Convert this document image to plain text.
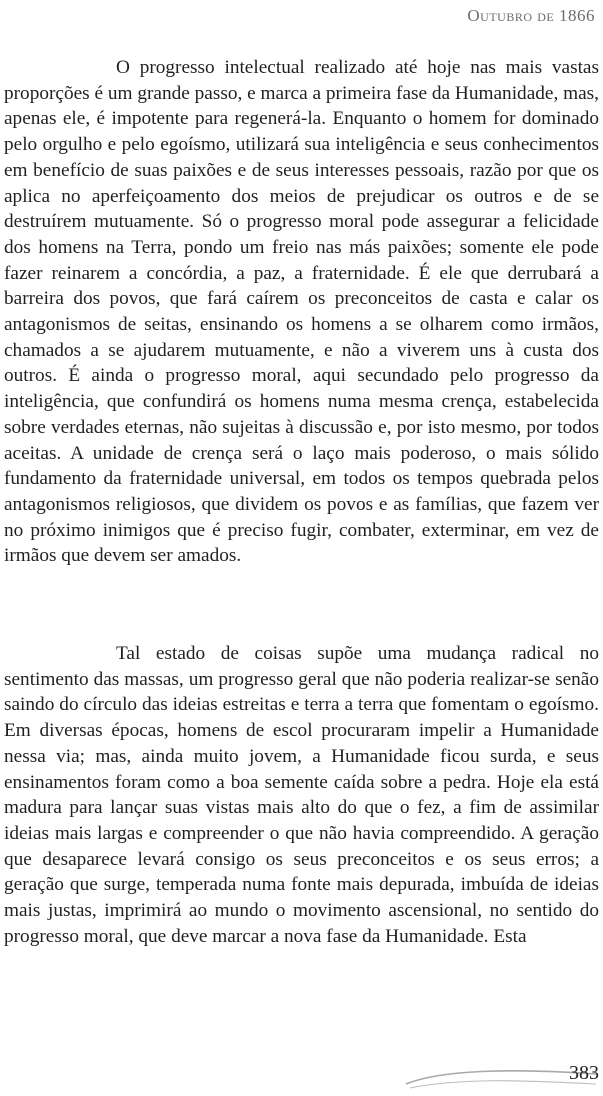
Outubro de 1866

O progresso intelectual realizado até hoje nas mais vastas proporções é um grande passo, e marca a primeira fase da Humanidade, mas, apenas ele, é impotente para regenerá-la. Enquanto o homem for dominado pelo orgulho e pelo egoísmo, utilizará sua inteligência e seus conhecimentos em benefício de suas paixões e de seus interesses pessoais, razão por que os aplica no aperfeiçoamento dos meios de prejudicar os outros e de se destruírem mutuamente. Só o progresso moral pode assegurar a felicidade dos homens na Terra, pondo um freio nas más paixões; somente ele pode fazer reinarem a concórdia, a paz, a fraternidade. É ele que derrubará a barreira dos povos, que fará caírem os preconceitos de casta e calar os antagonismos de seitas, ensinando os homens a se olharem como irmãos, chamados a se ajudarem mutuamente, e não a viverem uns à custa dos outros. É ainda o progresso moral, aqui secundado pelo progresso da inteligência, que confundirá os homens numa mesma crença, estabelecida sobre verdades eternas, não sujeitas à discussão e, por isto mesmo, por todos aceitas. A unidade de crença será o laço mais poderoso, o mais sólido fundamento da fraternidade universal, em todos os tempos quebrada pelos antagonismos religiosos, que dividem os povos e as famílias, que fazem ver no próximo inimigos que é preciso fugir, combater, exterminar, em vez de irmãos que devem ser amados.

Tal estado de coisas supõe uma mudança radical no sentimento das massas, um progresso geral que não poderia realizar-se senão saindo do círculo das ideias estreitas e terra a terra que fomentam o egoísmo. Em diversas épocas, homens de escol procuraram impelir a Humanidade nessa via; mas, ainda muito jovem, a Humanidade ficou surda, e seus ensinamentos foram como a boa semente caída sobre a pedra. Hoje ela está madura para lançar suas vistas mais alto do que o fez, a fim de assimilar ideias mais largas e compreender o que não havia compreendido. A geração que desaparece levará consigo os seus preconceitos e os seus erros; a geração que surge, temperada numa fonte mais depurada, imbuída de ideias mais justas, imprimirá ao mundo o movimento ascensional, no sentido do progresso moral, que deve marcar a nova fase da Humanidade. Esta

383
